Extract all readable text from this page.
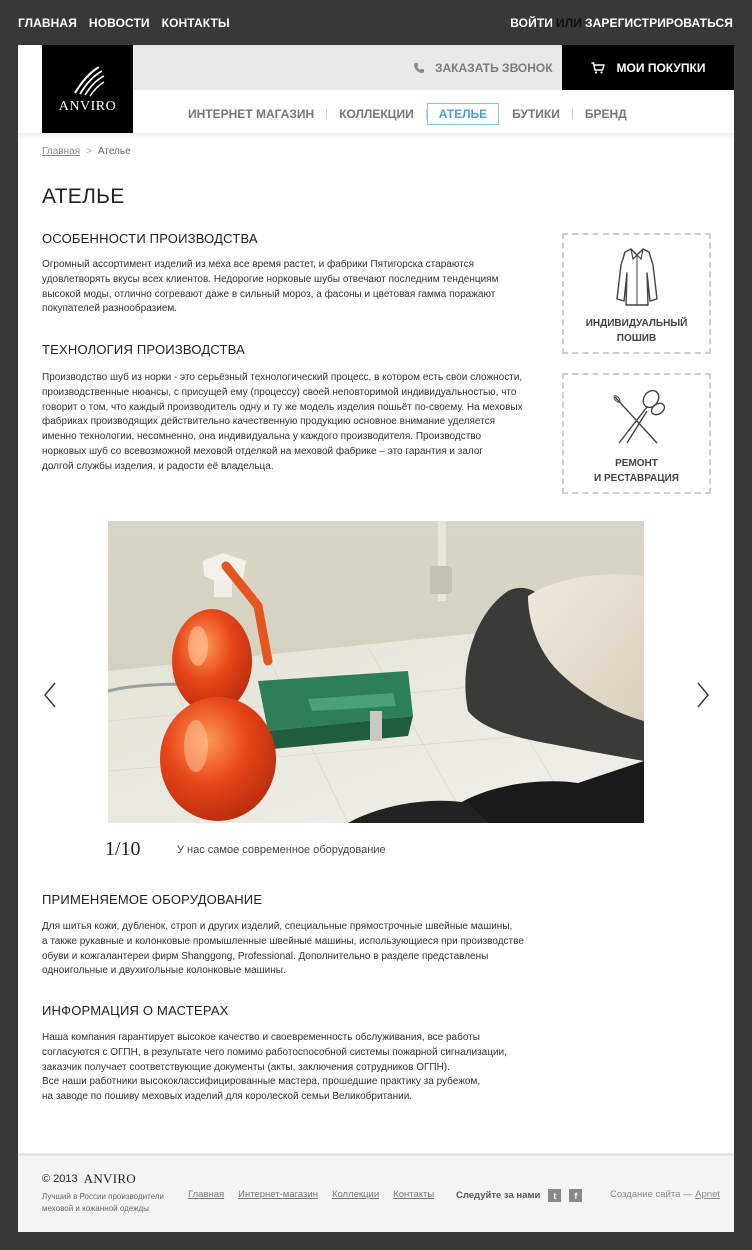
ГЛАВНАЯ НОВОСТИ КОНТАКТЫ	ВОЙТИ ИЛИ ЗАРЕГИСТРИРОВАТЬСЯ
ANVIRO
ЗАКАЗАТЬ ЗВОНОК	МОИ ПОКУПКИ
ИНТЕРНЕТ МАГАЗИН	КОЛЛЕКЦИИ	АТЕЛЬЕ	БУТИКИ	БРЕНД
Главная > Ателье
АТЕЛЬЕ
ОСОБЕННОСТИ ПРОИЗВОДСТВА

Огромный ассортимент изделий из меха все время растет, и фабрики Пятигорска стараются
удовлетворять вкусы всех клиентов. Недорогие норковые шубы отвечают последним тенденциям
высокой моды, отлично согревают даже в сильный мороз, а фасоны и цветовая гамма поражают
покупателей разнообразием.

ТЕХНОЛОГИЯ ПРОИЗВОДСТВА

Производство шуб из норки - это серьёзный технологический процесс, в котором есть свои сложности,
производственные нюансы, с присущей ему (процессу) своей неповторимой индивидуальностью, что
говорит о том, что каждый производитель одну и ту же модель изделия пошьёт по-своему. На меховых
фабриках производящих действительно качественную продукцию основное внимание уделяется
именно технологии, несомненно, она индивидуальна у каждого производителя. Производство
норковых шуб со всевозможной меховой отделкой на меховой фабрике – это гарантия и залог
долгой службы изделия, и радости её владельца.

ИНДИВИДУАЛЬНЫЙ
ПОШИВ
РЕМОНТ
И РЕСТАВРАЦИЯ
1/10	У нас самое современное оборудование
ПРИМЕНЯЕМОЕ ОБОРУДОВАНИЕ

Для шитья кожи, дубленок, строп и других изделий, специальные прямострочные швейные машины,
а также рукавные и колонковые промышленные швейные машины, использующиеся при производстве
обуви и кожгалантереи фирм Shanggong, Professional. Дополнительно в разделе представлены
одноигольные и двухигольные колонковые машины.

ИНФОРМАЦИЯ О МАСТЕРАХ

Наша компания гарантирует высокое качество и своевременность обслуживания, все работы
согласуются с ОГПН, в результате чего помимо работоспособной системы пожарной сигнализации,
заказчик получает соответствующие документы (акты, заключения сотрудников ОГПН).
Все наши работники высококлассифицированные мастера, прошедшие практику за рубежом,
на заводе по пошиву меховых изделий для королеской семьи Великобритании.

© 2013 ANVIRO
Лучший в России производители
меховой и кожанной одежды
Главная Интернет-магазин Коллекции Контакты Следуйте за нами	t	f	Создание сайта — Apnet
